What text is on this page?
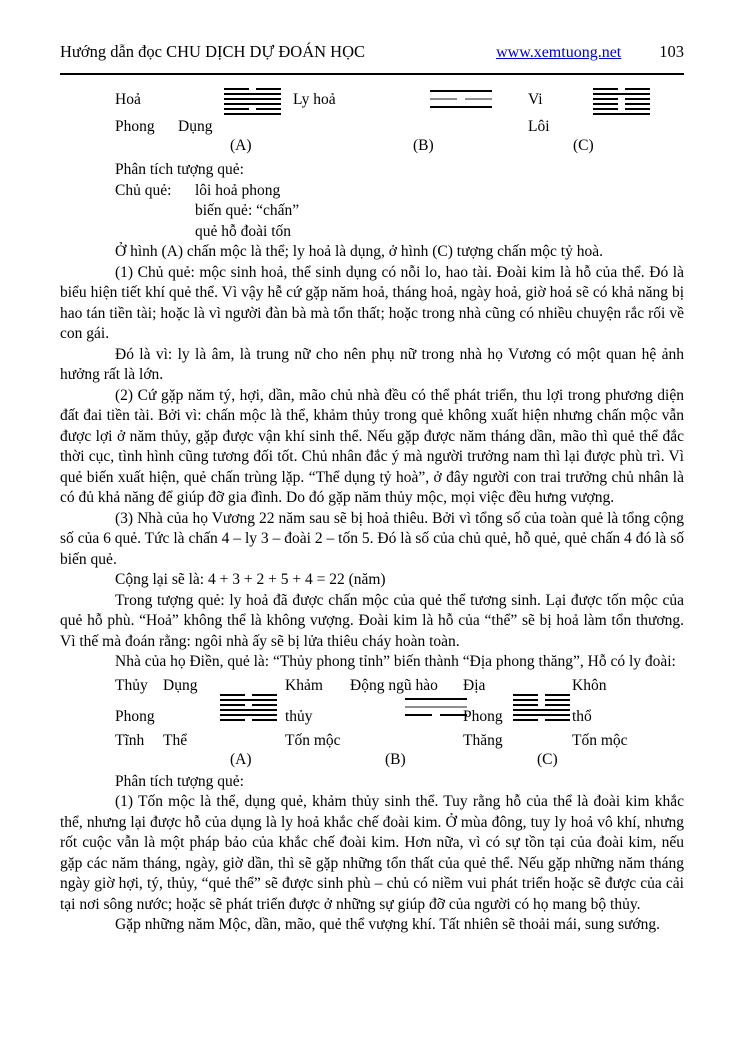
Hướng dẫn đọc CHU DỊCH DỰ ĐOÁN HỌC	www.xemtuong.net 103
Hoả
Phong Dụng
(A)
Ly hoả
(B)
Vi
Lôi
(C)

Phân tích tượng quẻ:

Chủ quẻ: lôi hoả phong

biến quẻ: “chấn”

quẻ hỗ đoài tốn

Ở hình (A) chấn mộc là thể; ly hoả là dụng, ở hình (C) tượng chấn mộc tỷ hoà.

(1) Chủ quẻ: mộc sinh hoả, thể sinh dụng có nỗi lo, hao tài. Đoài kim là hỗ của thể. Đó là biểu hiện tiết khí quẻ thể. Vì vậy hễ cứ gặp năm hoả, tháng hoả, ngày hoả, giờ hoả sẽ có khả năng bị hao tán tiền tài; hoặc là vì người đàn bà mà tổn thất; hoặc trong nhà cũng có nhiều chuyện rắc rối về con gái.

Đó là vì: ly là âm, là trung nữ cho nên phụ nữ trong nhà họ Vương có một quan hệ ảnh hưởng rất là lớn.

(2) Cứ gặp năm tý, hợi, dần, mão chủ nhà đều có thể phát triển, thu lợi trong phương diện đất đai tiền tài. Bởi vì: chấn mộc là thể, khảm thủy trong quẻ không xuất hiện nhưng chấn mộc vẫn được lợi ở năm thủy, gặp được vận khí sinh thể. Nếu gặp được năm tháng dần, mão thì quẻ thể đắc thời cục, tình hình cũng tương đối tốt. Chủ nhân đắc ý mà người trưởng nam thì lại được phù trì. Vì quẻ biến xuất hiện, quẻ chấn trùng lặp. “Thể dụng tỷ hoà”, ở đây người con trai trưởng chủ nhân là có đủ khả năng để giúp đỡ gia đình. Do đó gặp năm thủy mộc, mọi việc đều hưng vượng.

(3) Nhà của họ Vương 22 năm sau sẽ bị hoả thiêu. Bởi vì tổng số của toàn quẻ là tổng cộng số của 6 quẻ. Tức là chấn 4 – ly 3 – đoài 2 – tốn 5. Đó là số của chủ quẻ, hỗ quẻ, quẻ chấn 4 đó là số biến quẻ.

Cộng lại sẽ là: 4 + 3 + 2 + 5 + 4 = 22 (năm)

Trong tượng quẻ: ly hoả đã được chấn mộc của quẻ thể tương sinh. Lại được tốn mộc của quẻ hỗ phù. “Hoả” không thể là không vượng. Đoài kim là hỗ của “thể” sẽ bị hoả làm tổn thương. Vì thế mà đoán rằng: ngôi nhà ấy sẽ bị lửa thiêu cháy hoàn toàn.

Nhà của họ Điền, quẻ là: “Thủy phong tỉnh” biến thành “Địa phong thăng”, Hỗ có ly đoài:

Thủy Dụng
Phong
Tĩnh Thể
(A)
Khảm Động ngũ hào
thủy
Tốn mộc
(B)
Địa	Khôn
Phong	thổ
Thăng	Tốn mộc
(C)

Phân tích tượng quẻ:

(1) Tốn mộc là thể, dụng quẻ, khảm thủy sinh thể. Tuy rằng hỗ của thể là đoài kim khắc thể, nhưng lại được hỗ của dụng là ly hoả khắc chế đoài kim. Ở mùa đông, tuy ly hoả vô khí, nhưng rốt cuộc vẫn là một pháp bảo của khắc chế đoài kim. Hơn nữa, vì có sự tồn tại của đoài kim, nếu gặp các năm tháng, ngày, giờ dần, thì sẽ gặp những tổn thất của quẻ thể. Nếu gặp những năm tháng ngày giờ hợi, tý, thủy, “quẻ thể” sẽ được sinh phù – chủ có niềm vui phát triển hoặc sẽ được của cải tại nơi sông nước; hoặc sẽ phát triển được ở những sự giúp đỡ của người có họ mang bộ thủy.

Gặp những năm Mộc, dần, mão, quẻ thể vượng khí. Tất nhiên sẽ thoải mái, sung sướng.
